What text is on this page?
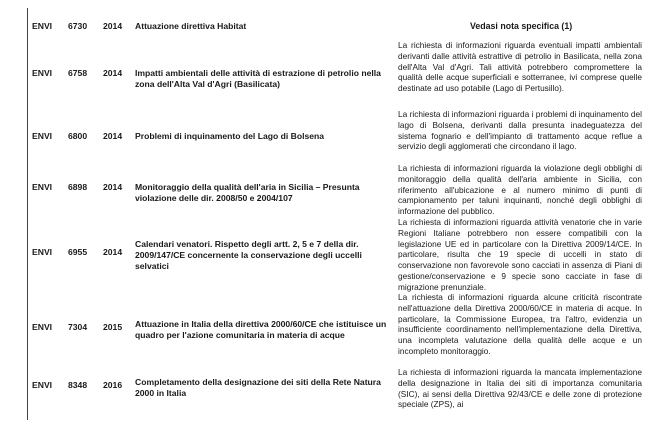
ENVI 6730 2014 Attuazione direttiva Habitat	Vedasi nota specifica (1)
ENVI 6758 2014 Impatti ambientali delle attività di estrazione di petrolio nella zona dell'Alta Val d'Agri (Basilicata)
La richiesta di informazioni riguarda eventuali impatti ambientali derivanti dalle attività estrattive di petrolio in Basilicata, nella zona dell'Alta Val d'Agri. Tali attività potrebbero compromettere la qualità delle acque superficiali e sotterranee, ivi comprese quelle destinate ad uso potabile (Lago di Pertusillo).
ENVI 6800 2014 Problemi di inquinamento del Lago di Bolsena
La richiesta di informazioni riguarda i problemi di inquinamento del lago di Bolsena, derivanti dalla presunta inadeguatezza del sistema fognario e dell'impianto di trattamento acque reflue a servizio degli agglomerati che circondano il lago.
ENVI 6898 2014 Monitoraggio della qualità dell'aria in Sicilia – Presunta violazione delle dir. 2008/50 e 2004/107
La richiesta di informazioni riguarda la violazione degli obblighi di monitoraggio della qualità dell'aria ambiente in Sicilia, con riferimento all'ubicazione e al numero minimo di punti di campionamento per taluni inquinanti, nonché degli obblighi di informazione del pubblico.
ENVI 6955 2014
Calendari venatori. Rispetto degli artt. 2, 5 e 7 della dir. 2009/147/CE concernente la conservazione degli uccelli selvatici
La richiesta di informazioni riguarda attività venatorie che in varie Regioni Italiane potrebbero non essere compatibili con la legislazione UE ed in particolare con la Direttiva 2009/14/CE. In particolare, risulta che 19 specie di uccelli in stato di conservazione non favorevole sono cacciati in assenza di Piani di gestione/conservazione e 9 specie sono cacciate in fase di migrazione prenunziale.
ENVI 7304 2015 Attuazione in Italia della direttiva 2000/60/CE che istituisce un quadro per l'azione comunitaria in materia di acque
La richiesta di informazioni riguarda alcune criticità riscontrate nell'attuazione della Direttiva 2000/60/CE in materia di acque. In particolare, la Commissione Europea, tra l'altro, evidenzia un insufficiente coordinamento nell'implementazione della Direttiva, una incompleta valutazione della qualità delle acque e un incompleto monitoraggio.
ENVI 8348 2016 Completamento della designazione dei siti della Rete Natura 2000 in Italia
La richiesta di informazioni riguarda la mancata implementazione della designazione in Italia dei siti di importanza comunitaria (SIC), ai sensi della Direttiva 92/43/CE e delle zone di protezione speciale (ZPS), ai
